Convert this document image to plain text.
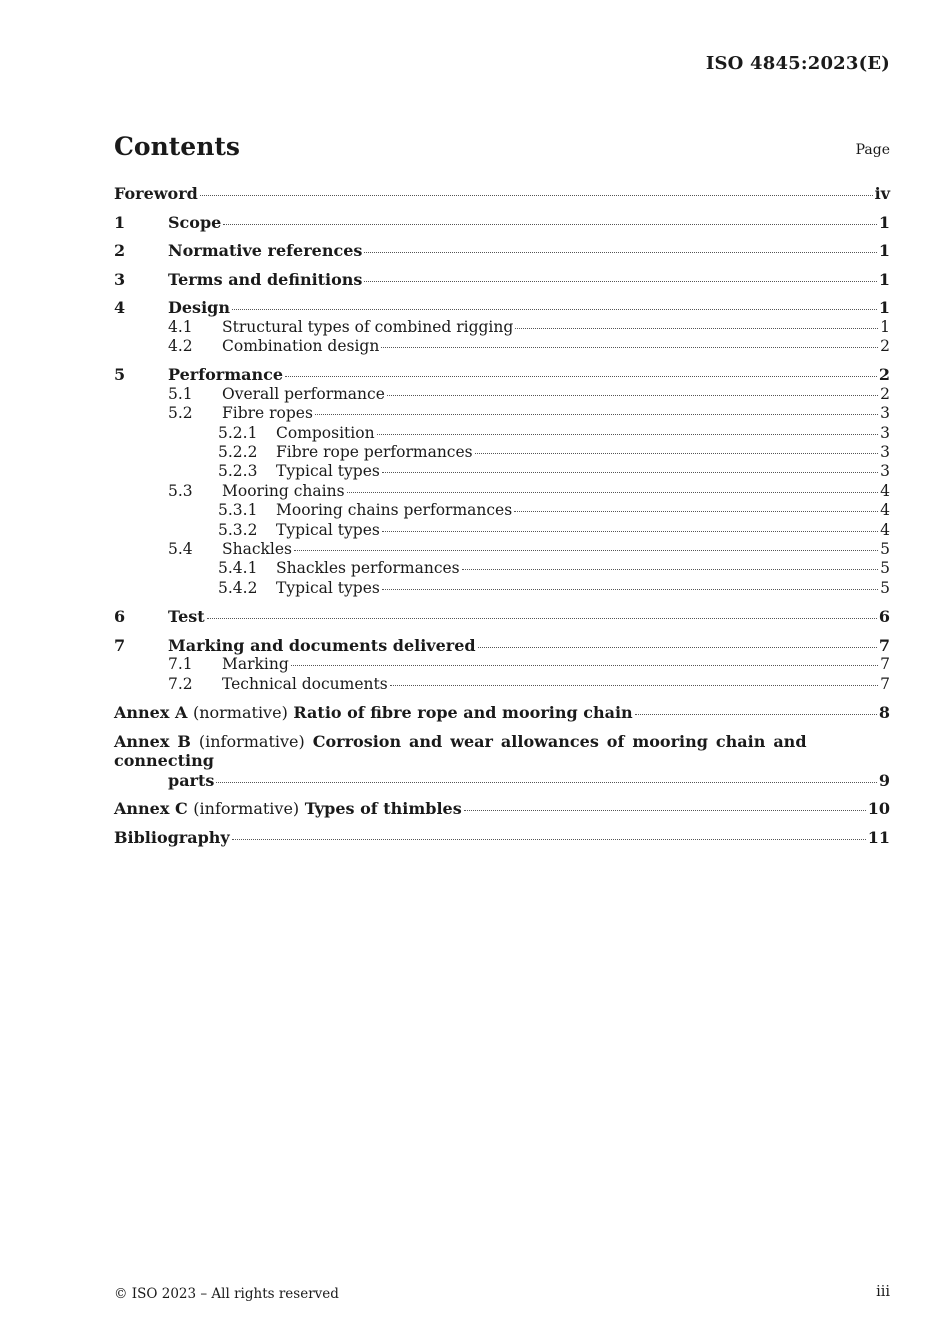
ISO 4845:2023(E)
Contents	Page
Foreword	iv
1	Scope	1
2	Normative references	1
3	Terms and definitions	1
4	Design	1
4.1	Structural types of combined rigging	1
4.2	Combination design	2
5	Performance	2
5.1	Overall performance	2
5.2	Fibre ropes	3
5.2.1	Composition	3
5.2.2	Fibre rope performances	3
5.2.3	Typical types	3
5.3	Mooring chains	4
5.3.1	Mooring chains performances	4
5.3.2	Typical types	4
5.4	Shackles	5
5.4.1	Shackles performances	5
5.4.2	Typical types	5
6	Test	6
7	Marking and documents delivered	7
7.1	Marking	7
7.2	Technical documents	7
Annex A (normative) Ratio of fibre rope and mooring chain	8
Annex B (informative) Corrosion and wear allowances of mooring chain and connecting
parts	9
Annex C (informative) Types of thimbles	10
Bibliography	11
© ISO 2023 – All rights reserved	iii
